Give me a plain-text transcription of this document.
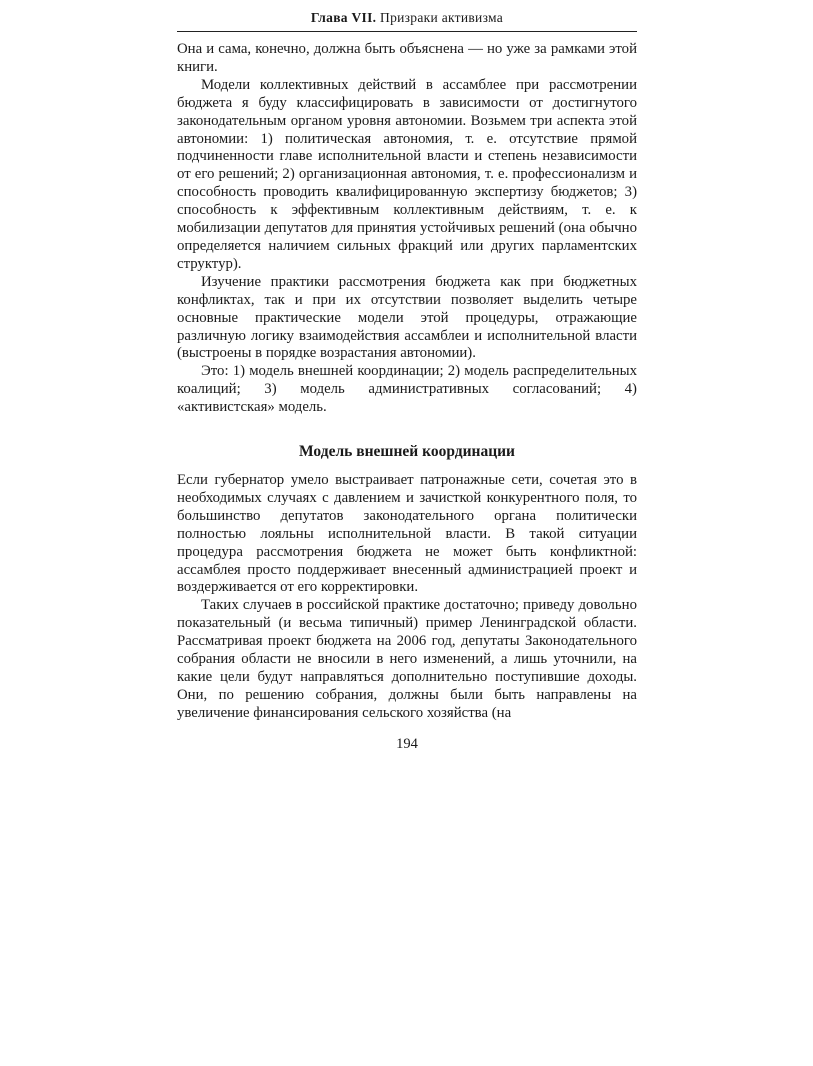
Глава VII. Призраки активизма

Она и сама, конечно, должна быть объяснена — но уже за рамками этой книги.

Модели коллективных действий в ассамблее при рассмотрении бюджета я буду классифицировать в зависимости от достигнутого законодательным органом уровня автономии. Возьмем три аспекта этой автономии: 1) политическая автономия, т. е. отсутствие прямой подчиненности главе исполнительной власти и степень независимости от его решений; 2) организационная автономия, т. е. профессионализм и способность проводить квалифицированную экспертизу бюджетов; 3) способность к эффективным коллективным действиям, т. е. к мобилизации депутатов для принятия устойчивых решений (она обычно определяется наличием сильных фракций или других парламентских структур).

Изучение практики рассмотрения бюджета как при бюджетных конфликтах, так и при их отсутствии позволяет выделить четыре основные практические модели этой процедуры, отражающие различную логику взаимодействия ассамблеи и исполнительной власти (выстроены в порядке возрастания автономии).

Это: 1) модель внешней координации; 2) модель распределительных коалиций; 3) модель административных согласований; 4) «активистская» модель.

Модель внешней координации

Если губернатор умело выстраивает патронажные сети, сочетая это в необходимых случаях с давлением и зачисткой конкурентного поля, то большинство депутатов законодательного органа политически полностью лояльны исполнительной власти. В такой ситуации процедура рассмотрения бюджета не может быть конфликтной: ассамблея просто поддерживает внесенный администрацией проект и воздерживается от его корректировки.

Таких случаев в российской практике достаточно; приведу довольно показательный (и весьма типичный) пример Ленинградской области. Рассматривая проект бюджета на 2006 год, депутаты Законодательного собрания области не вносили в него изменений, а лишь уточнили, на какие цели будут направляться дополнительно поступившие доходы. Они, по решению собрания, должны были быть направлены на увеличение финансирования сельского хозяйства (на

194
